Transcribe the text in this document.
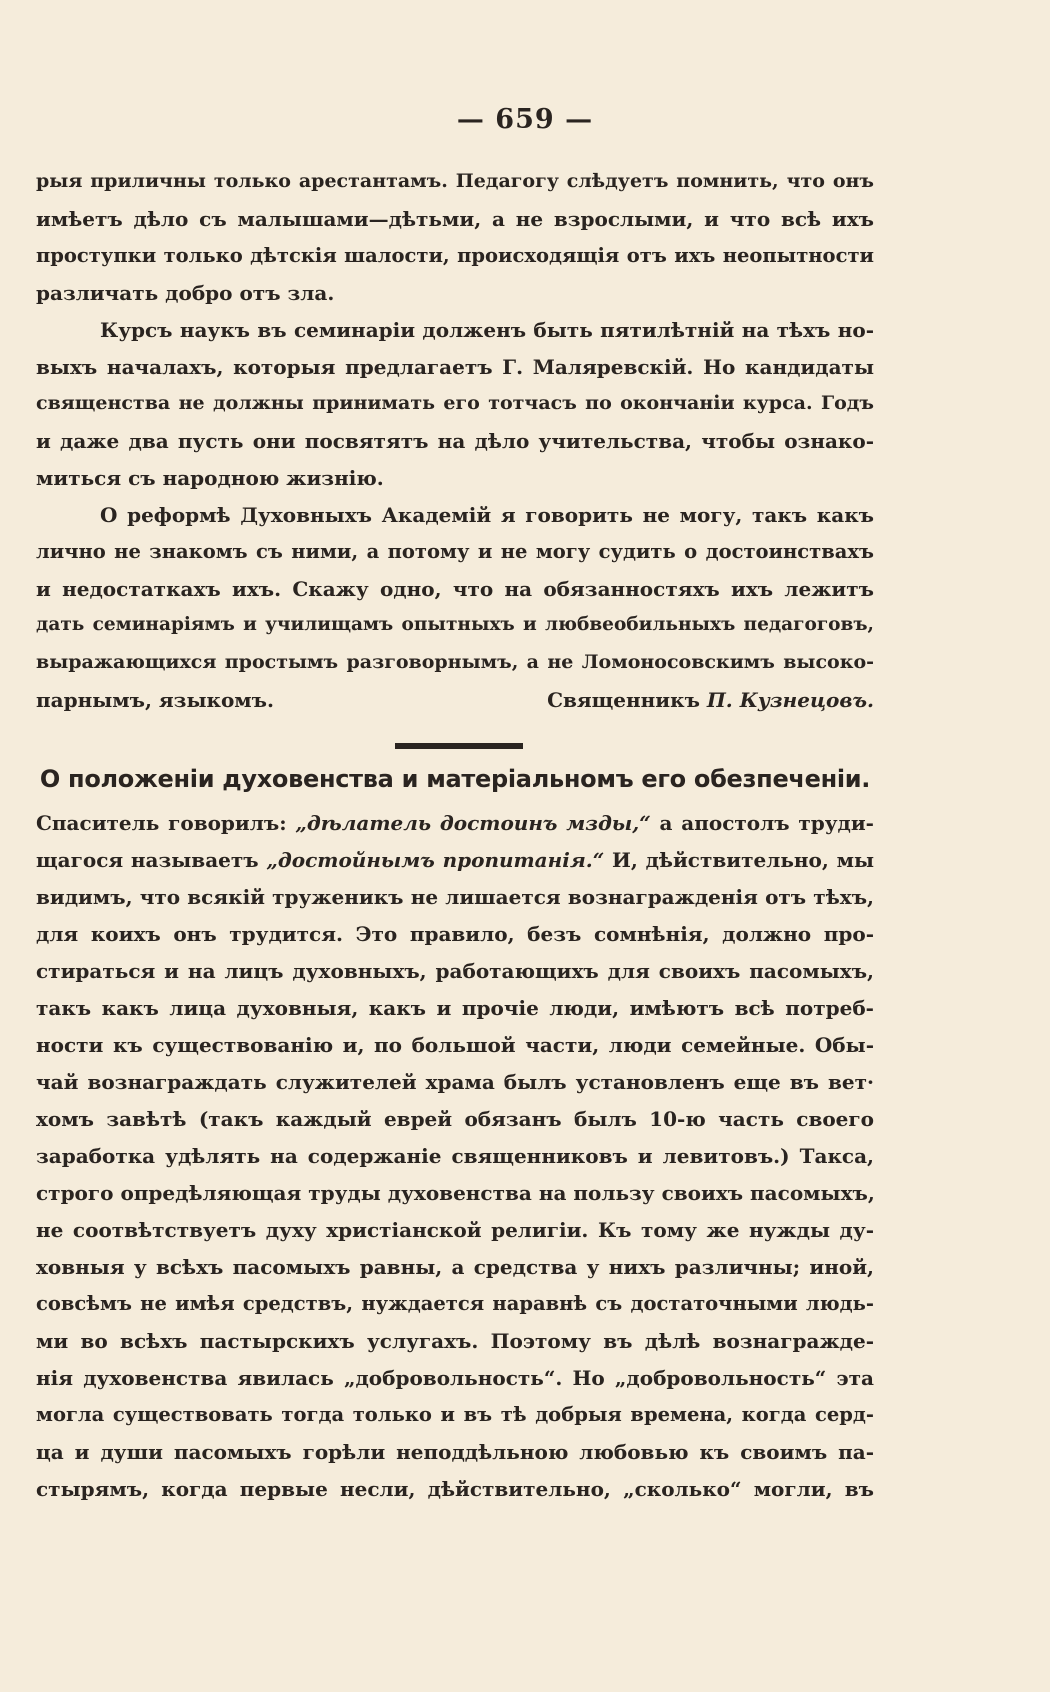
— 659 —
рыя приличны только арестантамъ. Педагогу слѣдуетъ помнить, что онъ
имѣетъ дѣло съ малышами—дѣтьми, а не взрослыми, и что всѣ ихъ
проступки только дѣтскія шалости, происходящія отъ ихъ неопытности
различать добро отъ зла.
Курсъ наукъ въ семинаріи долженъ быть пятилѣтній на тѣхъ но-
выхъ началахъ, которыя предлагаетъ Г. Маляревскій. Но кандидаты
священства не должны принимать его тотчасъ по окончаніи курса. Годъ
и даже два пусть они посвятятъ на дѣло учительства, чтобы ознако-
миться съ народною жизнію.
О реформѣ Духовныхъ Академій я говорить не могу, такъ какъ
лично не знакомъ съ ними, а потому и не могу судить о достоинствахъ
и недостаткахъ ихъ. Скажу одно, что на обязанностяхъ ихъ лежитъ
дать семинаріямъ и училищамъ опытныхъ и любвеобильныхъ педагоговъ,
выражающихся простымъ разговорнымъ, а не Ломоносовскимъ высоко-
парнымъ, языкомъ.	Священникъ П. Кузнецовъ.
О положеніи духовенства и матеріальномъ его обезпеченіи.
Спаситель говорилъ: „дѣлатель достоинъ мзды,“ а апостолъ труди-
щагося называетъ „достойнымъ пропитанія.“ И, дѣйствительно, мы
видимъ, что всякій труженикъ не лишается вознагражденія отъ тѣхъ,
для коихъ онъ трудится. Это правило, безъ сомнѣнія, должно про-
стираться и на лицъ духовныхъ, работающихъ для своихъ пасомыхъ,
такъ какъ лица духовныя, какъ и прочіе люди, имѣютъ всѣ потреб-
ности къ существованію и, по большой части, люди семейные. Обы-
чай вознаграждать служителей храма былъ установленъ еще въ вет·
хомъ завѣтѣ (такъ каждый еврей обязанъ былъ 10-ю часть своего
заработка удѣлять на содержаніе священниковъ и левитовъ.) Такса,
строго опредѣляющая труды духовенства на пользу своихъ пасомыхъ,
не соотвѣтствуетъ духу христіанской религіи. Къ тому же нужды ду-
ховныя у всѣхъ пасомыхъ равны, а средства у нихъ различны; иной,
совсѣмъ не имѣя средствъ, нуждается наравнѣ съ достаточными людь-
ми во всѣхъ пастырскихъ услугахъ. Поэтому въ дѣлѣ вознагражде-
нія духовенства явилась „добровольность“. Но „добровольность“ эта
могла существовать тогда только и въ тѣ добрыя времена, когда серд-
ца и души пасомыхъ горѣли неподдѣльною любовью къ своимъ па-
стырямъ, когда первые несли, дѣйствительно, „сколько“ могли, въ
